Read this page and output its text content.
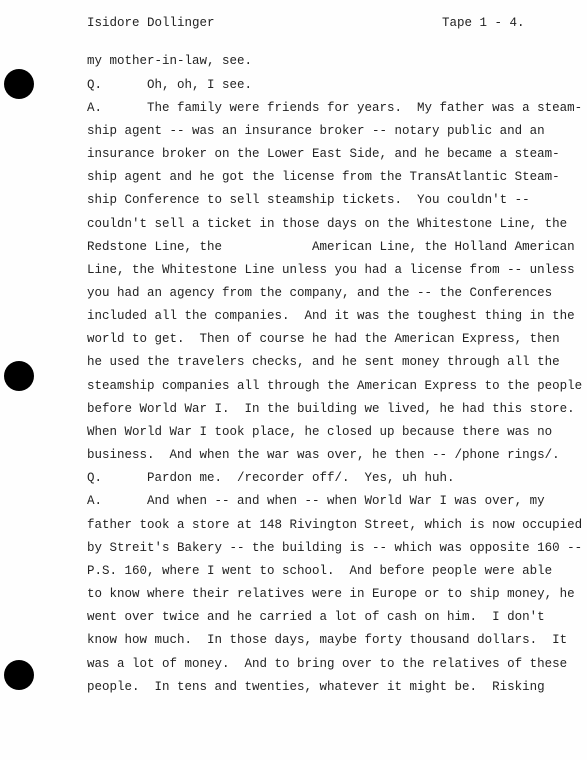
Isidore Dollinger	Tape 1 - 4.
my mother-in-law, see.
Q.      Oh, oh, I see.
A.      The family were friends for years.  My father was a steam-
ship agent -- was an insurance broker -- notary public and an
insurance broker on the Lower East Side, and he became a steam-
ship agent and he got the license from the TransAtlantic Steam-
ship Conference to sell steamship tickets.  You couldn't --
couldn't sell a ticket in those days on the Whitestone Line, the
Redstone Line, the            American Line, the Holland American
Line, the Whitestone Line unless you had a license from -- unless
you had an agency from the company, and the -- the Conferences
included all the companies.  And it was the toughest thing in the
world to get.  Then of course he had the American Express, then
he used the travelers checks, and he sent money through all the
steamship companies all through the American Express to the people
before World War I.  In the building we lived, he had this store.
When World War I took place, he closed up because there was no
business.  And when the war was over, he then -- /phone rings/.
Q.      Pardon me.  /recorder off/.  Yes, uh huh.
A.      And when -- and when -- when World War I was over, my
father took a store at 148 Rivington Street, which is now occupied
by Streit's Bakery -- the building is -- which was opposite 160 --
P.S. 160, where I went to school.  And before people were able
to know where their relatives were in Europe or to ship money, he
went over twice and he carried a lot of cash on him.  I don't
know how much.  In those days, maybe forty thousand dollars.  It
was a lot of money.  And to bring over to the relatives of these
people.  In tens and twenties, whatever it might be.  Risking
